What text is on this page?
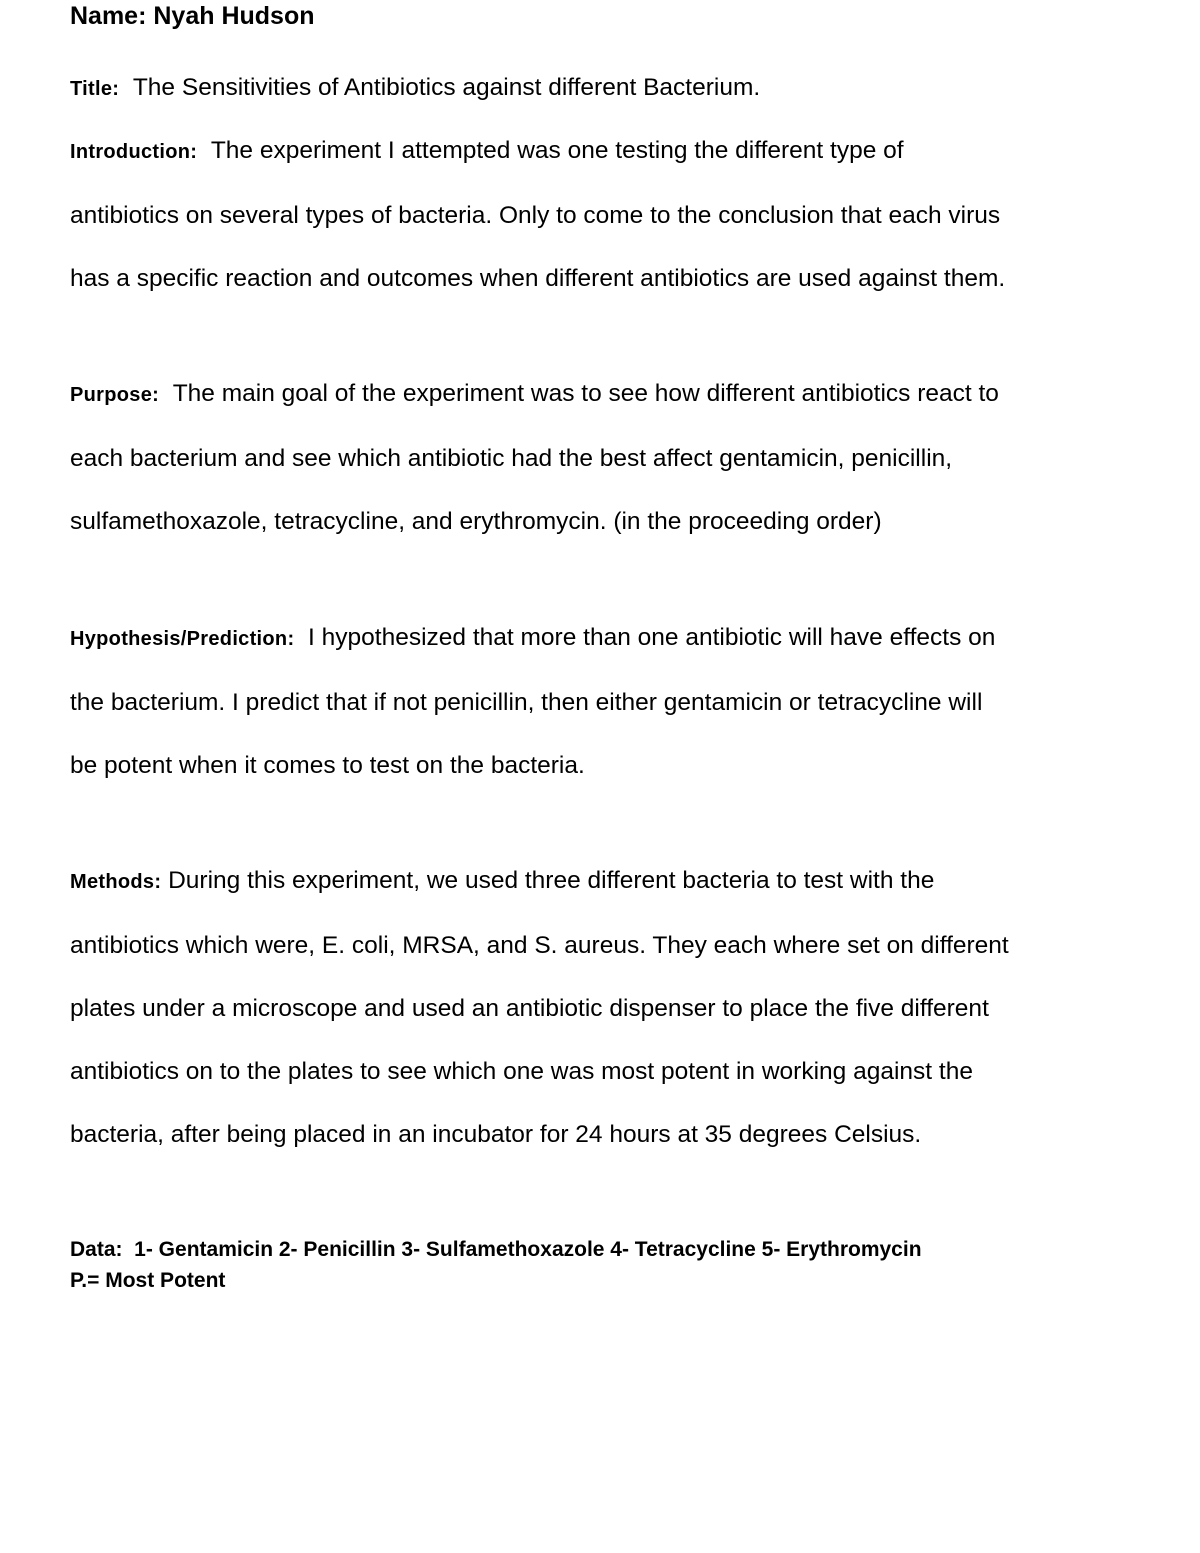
Name: Nyah Hudson
Title: The Sensitivities of Antibiotics against different Bacterium.
Introduction: The experiment I attempted was one testing the different type of
antibiotics on several types of bacteria. Only to come to the conclusion that each virus
has a specific reaction and outcomes when different antibiotics are used against them.
Purpose: The main goal of the experiment was to see how different antibiotics react to
each bacterium and see which antibiotic had the best affect gentamicin, penicillin,
sulfamethoxazole, tetracycline, and erythromycin. (in the proceeding order)
Hypothesis/Prediction: I hypothesized that more than one antibiotic will have effects on
the bacterium. I predict that if not penicillin, then either gentamicin or tetracycline will
be potent when it comes to test on the bacteria.
Methods: During this experiment, we used three different bacteria to test with the
antibiotics which were, E. coli, MRSA, and S. aureus. They each where set on different
plates under a microscope and used an antibiotic dispenser to place the five different
antibiotics on to the plates to see which one was most potent in working against the
bacteria, after being placed in an incubator for 24 hours at 35 degrees Celsius.
Data:  1- Gentamicin 2- Penicillin 3- Sulfamethoxazole 4- Tetracycline 5- Erythromycin
P.= Most Potent
